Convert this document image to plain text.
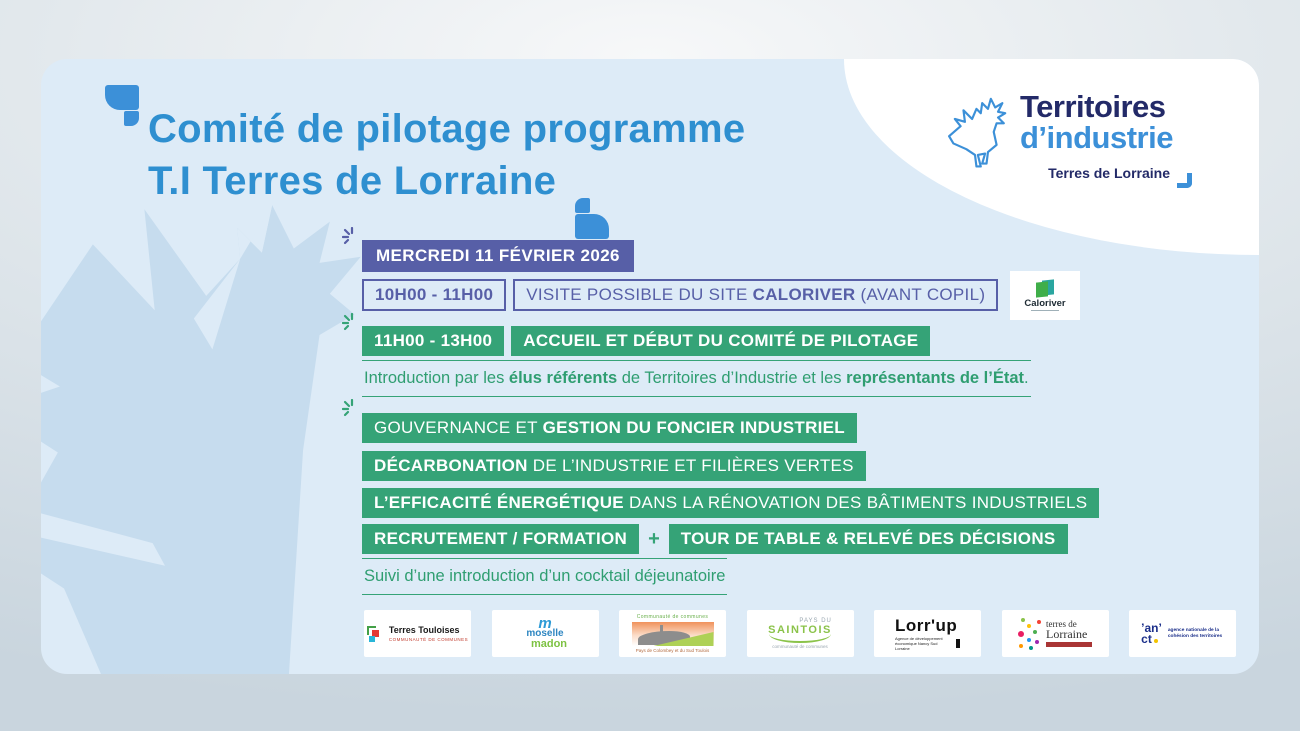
Territoires
d’industrie
Terres de Lorraine
Comité de pilotage programme
T.I Terres de Lorraine
MERCREDI 11 FÉVRIER 2026
10H00 - 11H00	VISITE POSSIBLE DU SITE CALORIVER (AVANT COPIL)	Caloriver
11H00 - 13H00	ACCUEIL ET DÉBUT DU COMITÉ DE PILOTAGE
Introduction par les élus référents de Territoires d’Industrie et les représentants de l’État.
GOUVERNANCE ET GESTION DU FONCIER INDUSTRIEL
DÉCARBONATION DE L’INDUSTRIE ET FILIÈRES VERTES
L’EFFICACITÉ ÉNERGÉTIQUE DANS LA RÉNOVATION DES BÂTIMENTS INDUSTRIELS
RECRUTEMENT / FORMATION	+	TOUR DE TABLE & RELEVÉ DES DÉCISIONS
Suivi d’une introduction d’un cocktail déjeunatoire
Terres Touloises
COMMUNAUTÉ DE COMMUNES
m
moselle
madon
Communauté de communes
Pays de Colombey et du Sud Toulois
PAYS DU
SAINTOIS
communauté de communes
Lorr'up
Agence de développement économique Nancy Sud Lorraine
terres de
Lorraine	’an’
ct
agence nationale de la cohésion des territoires
